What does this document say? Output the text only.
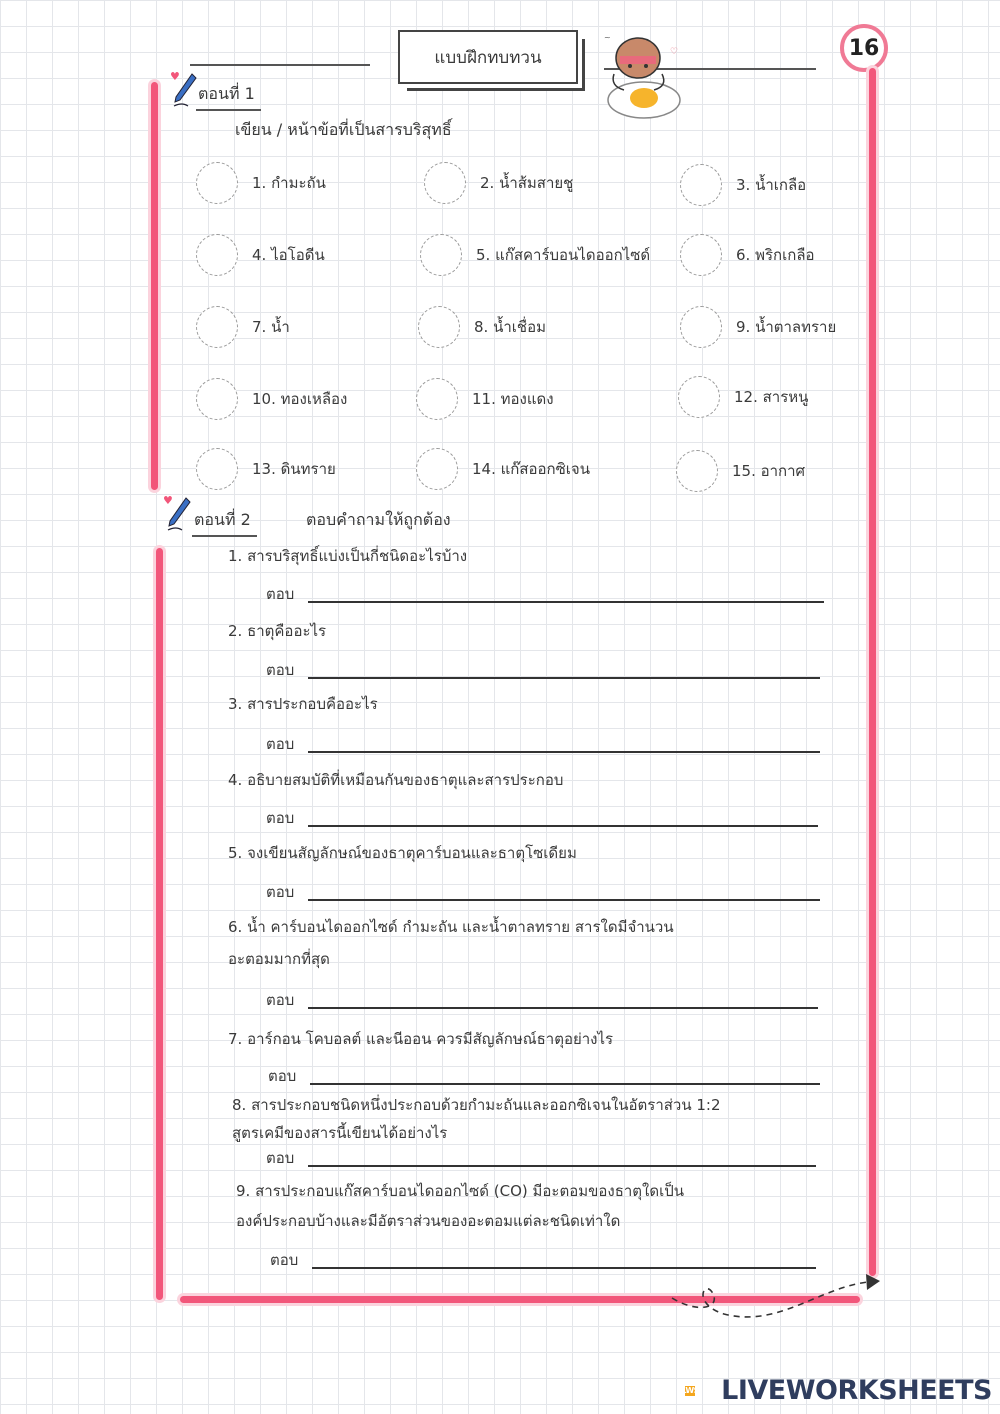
แบบฝึกทบทวน
~
♡	16
♥
ตอนที่ 1
เขียน / หน้าข้อที่เป็นสารบริสุทธิ์
1. กำมะถัน	2. น้ำส้มสายชู	3. น้ำเกลือ
4. ไอโอดีน	5. แก๊สคาร์บอนไดออกไซด์	6. พริกเกลือ
7. น้ำ	8. น้ำเชื่อม	9. น้ำตาลทราย
10. ทองเหลือง	11. ทองแดง	12. สารหนู
13. ดินทราย	14. แก๊สออกซิเจน	15. อากาศ
♥
ตอนที่ 2	ตอบคำถามให้ถูกต้อง
1. สารบริสุทธิ์แบ่งเป็นกี่ชนิดอะไรบ้าง
ตอบ
2. ธาตุคืออะไร
ตอบ
3. สารประกอบคืออะไร
ตอบ
4. อธิบายสมบัติที่เหมือนกันของธาตุและสารประกอบ
ตอบ
5. จงเขียนสัญลักษณ์ของธาตุคาร์บอนและธาตุโซเดียม
ตอบ
6. น้ำ คาร์บอนไดออกไซด์ กำมะถัน และน้ำตาลทราย สารใดมีจำนวน
อะตอมมากที่สุด
ตอบ
7. อาร์กอน โคบอลต์ และนีออน ควรมีสัญลักษณ์ธาตุอย่างไร
ตอบ
8. สารประกอบชนิดหนึ่งประกอบด้วยกำมะถันและออกซิเจนในอัตราส่วน 1:2
สูตรเคมีของสารนี้เขียนได้อย่างไร
ตอบ
9. สารประกอบแก๊สคาร์บอนไดออกไซด์ (CO) มีอะตอมของธาตุใดเป็น
องค์ประกอบบ้างและมีอัตราส่วนของอะตอมแต่ละชนิดเท่าใด
ตอบ
LWS LIVEWORKSHEETS
